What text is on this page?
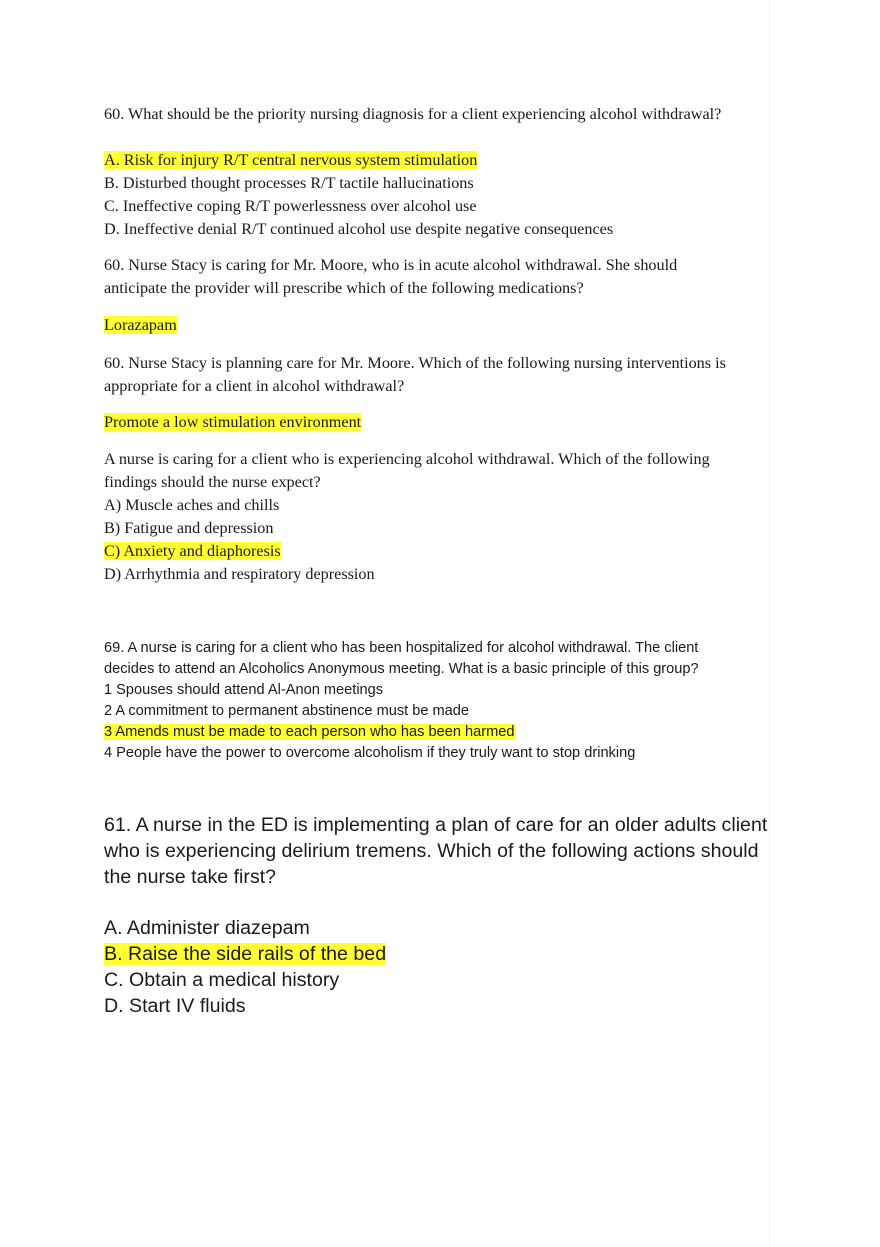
60. What should be the priority nursing diagnosis for a client experiencing alcohol withdrawal?
A. Risk for injury R/T central nervous system stimulation
B. Disturbed thought processes R/T tactile hallucinations
C. Ineffective coping R/T powerlessness over alcohol use
D. Ineffective denial R/T continued alcohol use despite negative consequences
60. Nurse Stacy is caring for Mr. Moore, who is in acute alcohol withdrawal. She should
anticipate the provider will prescribe which of the following medications?
Lorazapam
60. Nurse Stacy is planning care for Mr. Moore. Which of the following nursing interventions is
appropriate for a client in alcohol withdrawal?
Promote a low stimulation environment
A nurse is caring for a client who is experiencing alcohol withdrawal. Which of the following
findings should the nurse expect?
A) Muscle aches and chills
B) Fatigue and depression
C) Anxiety and diaphoresis
D) Arrhythmia and respiratory depression
69. A nurse is caring for a client who has been hospitalized for alcohol withdrawal. The client
decides to attend an Alcoholics Anonymous meeting. What is a basic principle of this group?
1 Spouses should attend Al-Anon meetings
2 A commitment to permanent abstinence must be made
3 Amends must be made to each person who has been harmed
4 People have the power to overcome alcoholism if they truly want to stop drinking
61. A nurse in the ED is implementing a plan of care for an older adults client
who is experiencing delirium tremens. Which of the following actions should
the nurse take first?
A. Administer diazepam
B. Raise the side rails of the bed
C. Obtain a medical history
D. Start IV fluids
